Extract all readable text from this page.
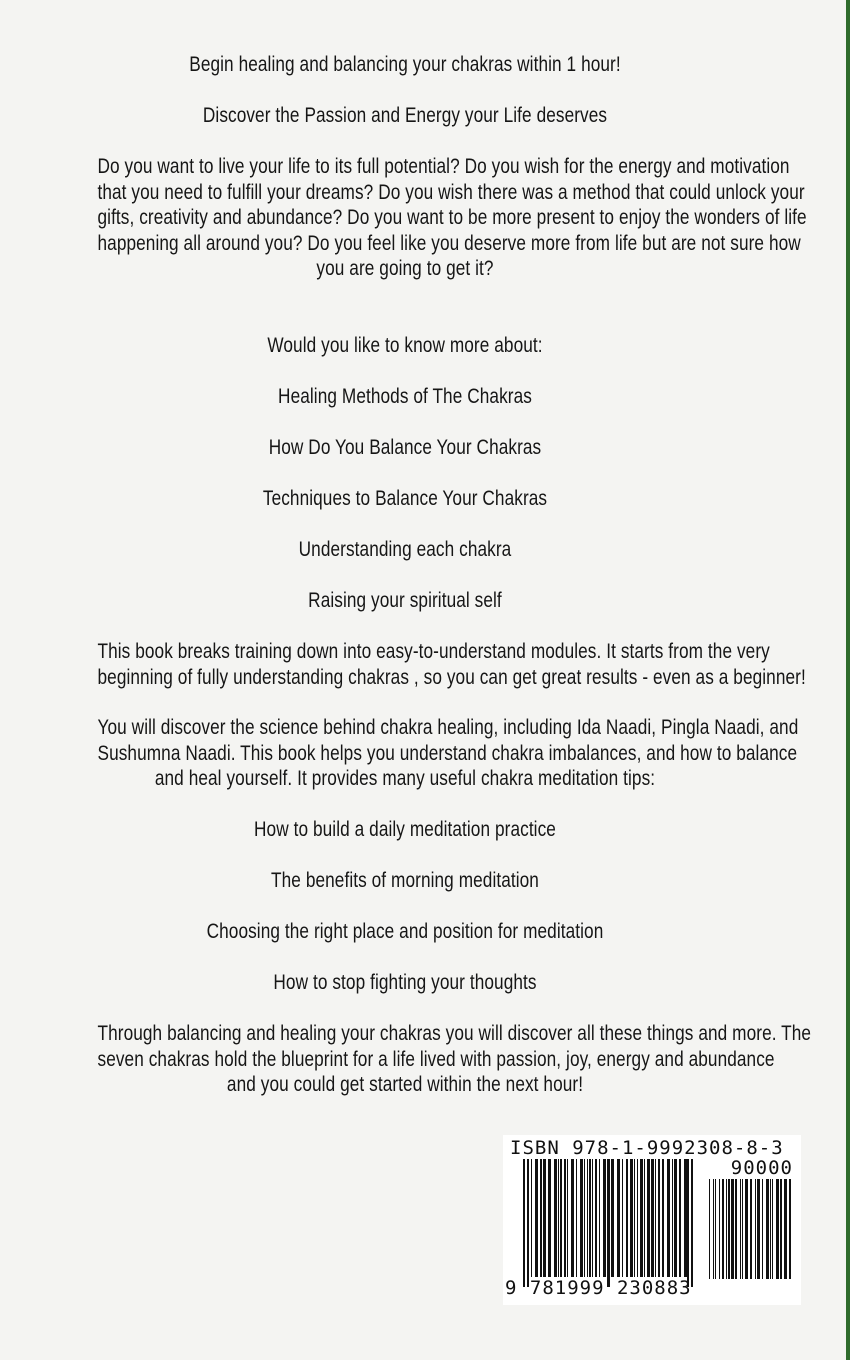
Begin healing and balancing your chakras within 1 hour!
Discover the Passion and Energy your Life deserves
Do you want to live your life to its full potential? Do you wish for the energy and motivation
that you need to fulfill your dreams? Do you wish there was a method that could unlock your
gifts, creativity and abundance? Do you want to be more present to enjoy the wonders of life
happening all around you? Do you feel like you deserve more from life but are not sure how
you are going to get it?
Would you like to know more about:
Healing Methods of The Chakras
How Do You Balance Your Chakras
Techniques to Balance Your Chakras
Understanding each chakra
Raising your spiritual self
This book breaks training down into easy-to-understand modules. It starts from the very
beginning of fully understanding chakras , so you can get great results - even as a beginner!
You will discover the science behind chakra healing, including Ida Naadi, Pingla Naadi, and
Sushumna Naadi. This book helps you understand chakra imbalances, and how to balance
and heal yourself. It provides many useful chakra meditation tips:
How to build a daily meditation practice
The benefits of morning meditation
Choosing the right place and position for meditation
How to stop fighting your thoughts
Through balancing and healing your chakras you will discover all these things and more. The
seven chakras hold the blueprint for a life lived with passion, joy, energy and abundance
and you could get started within the next hour!
ISBN 978-1-9992308-8-3
90000
9 781999 230883
